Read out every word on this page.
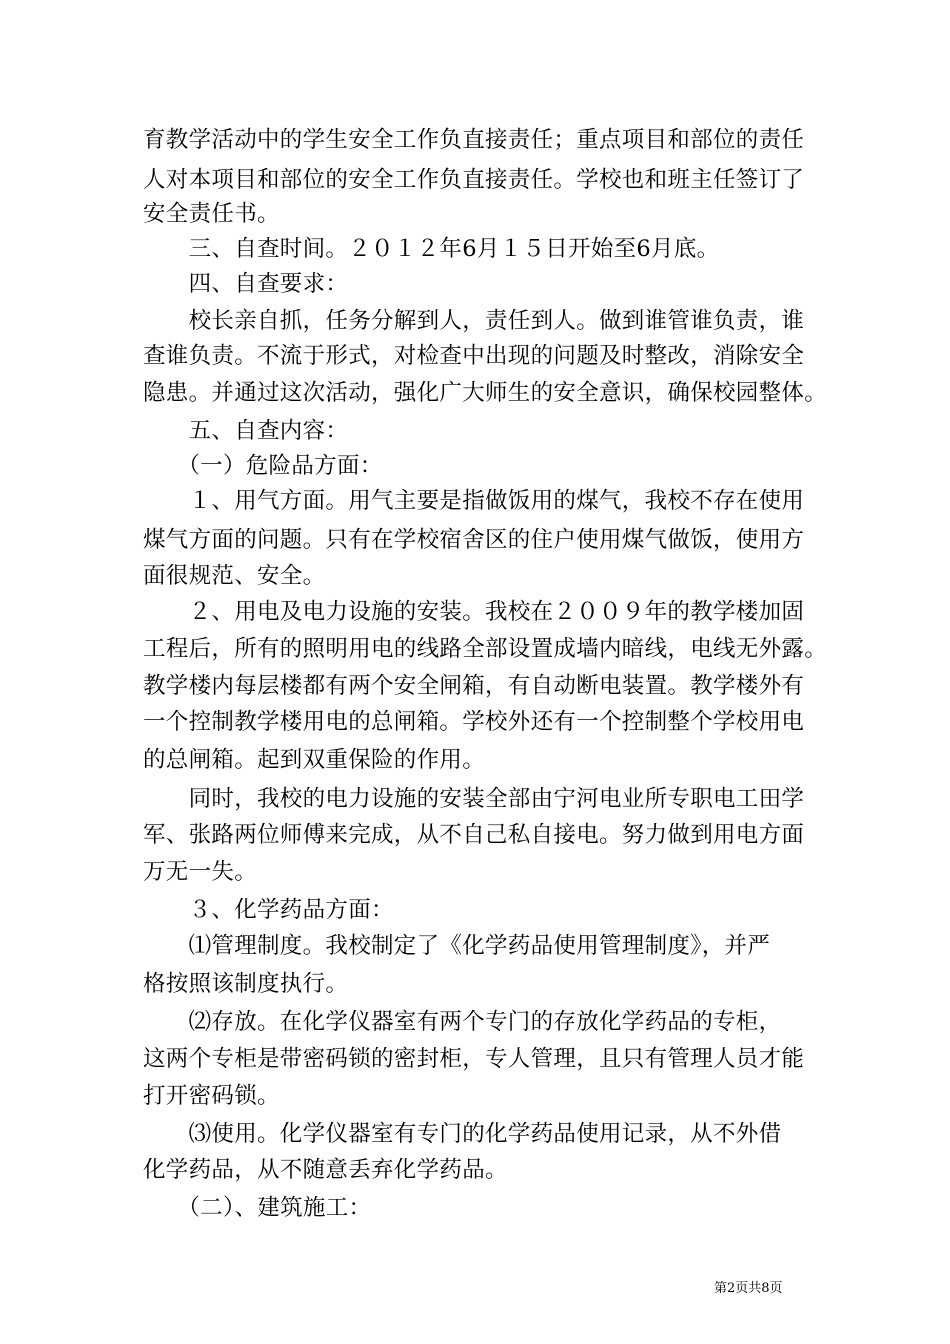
育教学活动中的学生安全工作负直接责任；重点项目和部位的责任
人对本项目和部位的安全工作负直接责任。学校也和班主任签订了
安全责任书。
　　三、自查时间。２０１２年6月１５日开始至6月底。
　　四、自查要求：
　　校长亲自抓，任务分解到人，责任到人。做到谁管谁负责，谁
查谁负责。不流于形式，对检查中出现的问题及时整改，消除安全
隐患。并通过这次活动，强化广大师生的安全意识，确保校园整体。
　　五、自查内容：
　　（一）危险品方面：
　　１、用气方面。用气主要是指做饭用的煤气，我校不存在使用
煤气方面的问题。只有在学校宿舍区的住户使用煤气做饭，使用方
面很规范、安全。
　　２、用电及电力设施的安装。我校在２００９年的教学楼加固
工程后，所有的照明用电的线路全部设置成墙内暗线，电线无外露。
教学楼内每层楼都有两个安全闸箱，有自动断电装置。教学楼外有
一个控制教学楼用电的总闸箱。学校外还有一个控制整个学校用电
的总闸箱。起到双重保险的作用。
　　同时，我校的电力设施的安装全部由宁河电业所专职电工田学
军、张路两位师傅来完成，从不自己私自接电。努力做到用电方面
万无一失。
　　３、化学药品方面：
　　⑴管理制度。我校制定了《化学药品使用管理制度》，并严
格按照该制度执行。
　　⑵存放。在化学仪器室有两个专门的存放化学药品的专柜，
这两个专柜是带密码锁的密封柜，专人管理，且只有管理人员才能
打开密码锁。
　　⑶使用。化学仪器室有专门的化学药品使用记录，从不外借
化学药品，从不随意丢弃化学药品。
　　（二）、建筑施工：
第2页共8页
